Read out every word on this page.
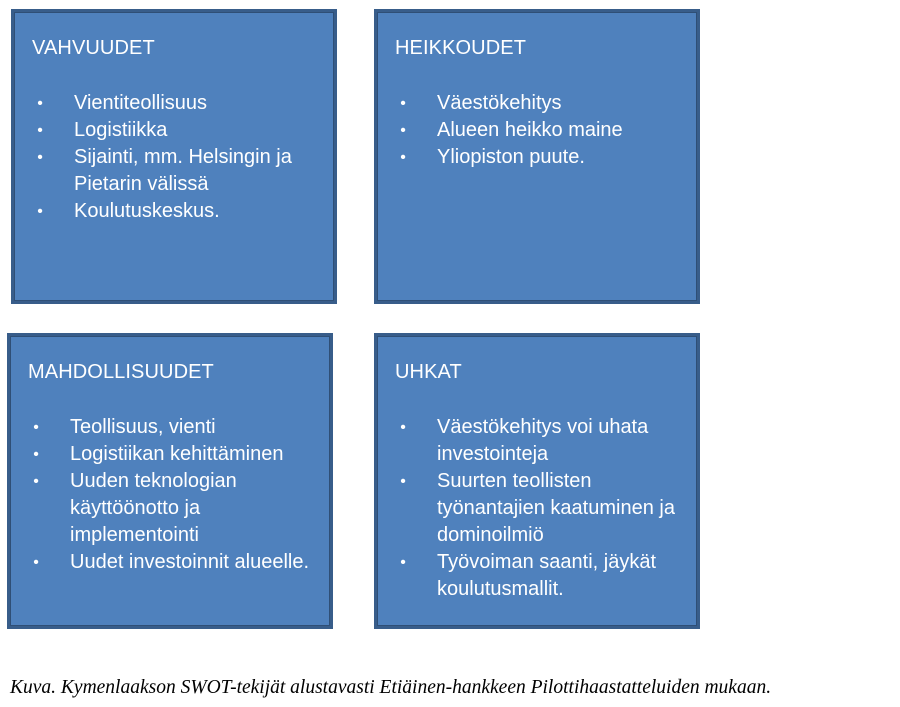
VAHVUUDET
• Vientiteollisuus
• Logistiikka
• Sijainti, mm. Helsingin ja Pietarin välissä
• Koulutuskeskus.
HEIKKOUDET
• Väestökehitys
• Alueen heikko maine
• Yliopiston puute.
MAHDOLLISUUDET
• Teollisuus, vienti
• Logistiikan kehittäminen
• Uuden teknologian käyttöönotto ja implementointi
• Uudet investoinnit alueelle.
UHKAT
• Väestökehitys voi uhata investointeja
• Suurten teollisten työnantajien kaatuminen ja dominoilmiö
• Työvoiman saanti, jäykät koulutusmallit.
Kuva. Kymenlaakson SWOT-tekijät alustavasti Etiäinen-hankkeen Pilottihaastatteluiden mukaan.
